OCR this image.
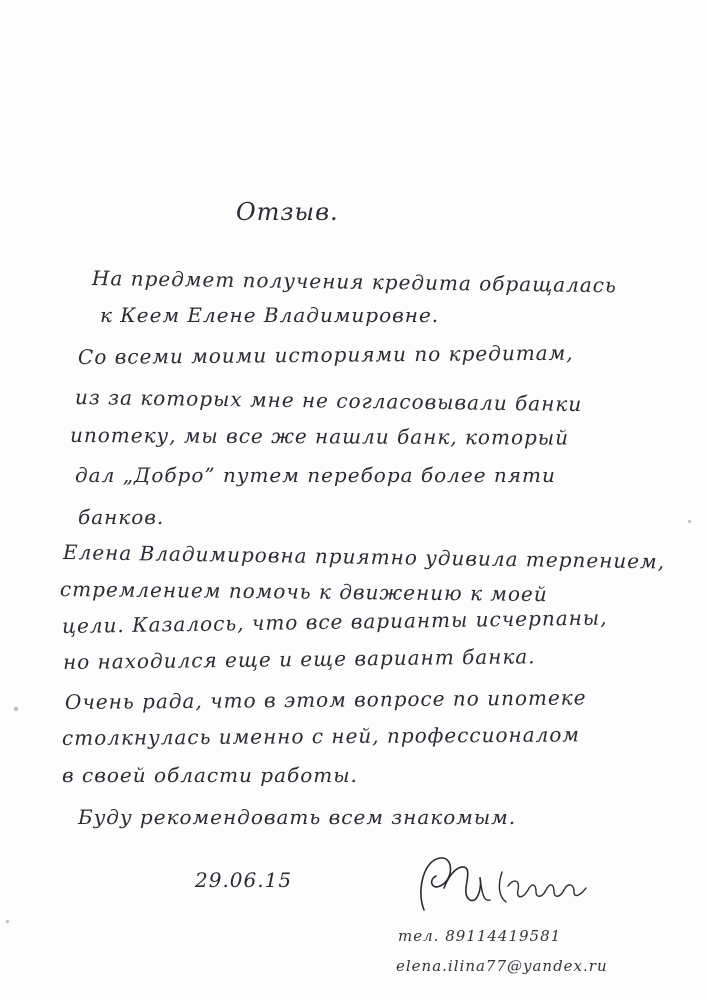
Отзыв.
На предмет получения кредита обращалась
к Кеем Елене Владимировне.
Со всеми моими историями по кредитам,
из за которых мне не согласовывали банки
ипотеку, мы все же нашли банк, который
дал „Добро” путем перебора более пяти
банков.
Елена Владимировна приятно удивила терпением,
стремлением помочь к движению к моей
цели. Казалось, что все варианты исчерпаны,
но находился еще и еще вариант банка.
Очень рада, что в этом вопросе по ипотеке
столкнулась именно с ней, профессионалом
в своей области работы.
Буду рекомендовать всем знакомым.
29.06.15
тел. 89114419581
elena.ilina77@yandex.ru
